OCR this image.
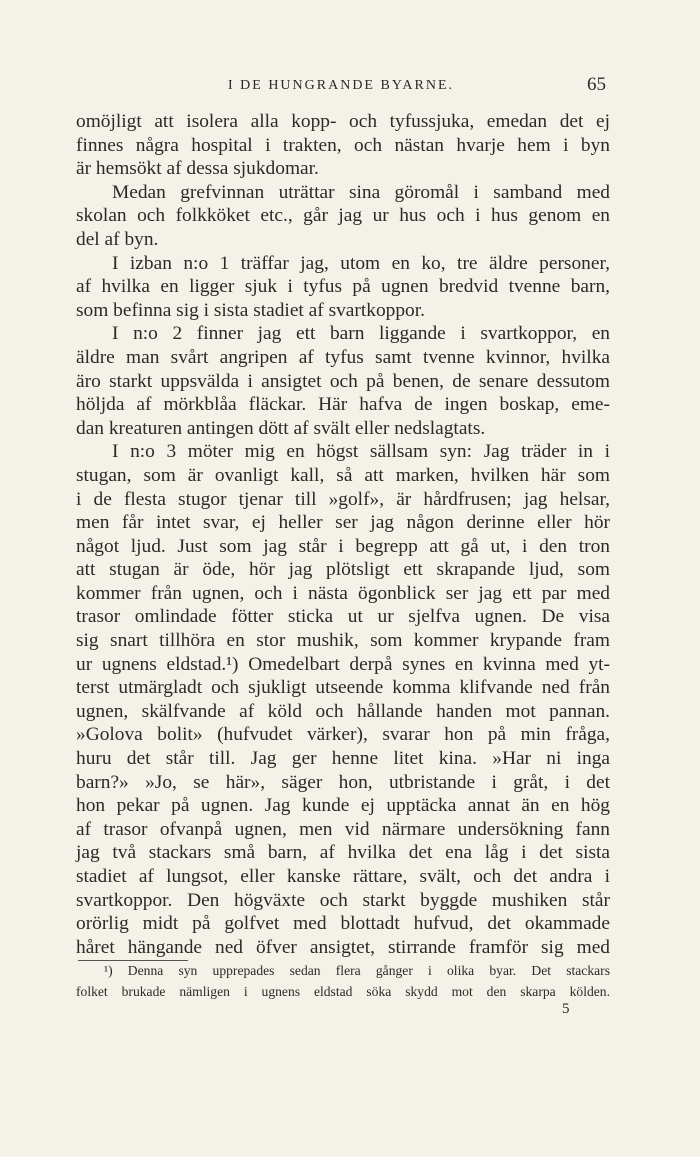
I DE HUNGRANDE BYARNE.	65
omöjligt att isolera alla kopp- och tyfussjuka, emedan det ej
finnes några hospital i trakten, och nästan hvarje hem i byn
är hemsökt af dessa sjukdomar.
Medan grefvinnan uträttar sina göromål i samband med
skolan och folkköket etc., går jag ur hus och i hus genom en
del af byn.
I izban n:o 1 träffar jag, utom en ko, tre äldre personer,
af hvilka en ligger sjuk i tyfus på ugnen bredvid tvenne barn,
som befinna sig i sista stadiet af svartkoppor.
I n:o 2 finner jag ett barn liggande i svartkoppor, en
äldre man svårt angripen af tyfus samt tvenne kvinnor, hvilka
äro starkt uppsvälda i ansigtet och på benen, de senare dessutom
höljda af mörkblåa fläckar. Här hafva de ingen boskap, eme-
dan kreaturen antingen dött af svält eller nedslagtats.
I n:o 3 möter mig en högst sällsam syn: Jag träder in i
stugan, som är ovanligt kall, så att marken, hvilken här som
i de flesta stugor tjenar till »golf», är hårdfrusen; jag helsar,
men får intet svar, ej heller ser jag någon derinne eller hör
något ljud. Just som jag står i begrepp att gå ut, i den tron
att stugan är öde, hör jag plötsligt ett skrapande ljud, som
kommer från ugnen, och i nästa ögonblick ser jag ett par med
trasor omlindade fötter sticka ut ur sjelfva ugnen. De visa
sig snart tillhöra en stor mushik, som kommer krypande fram
ur ugnens eldstad.¹) Omedelbart derpå synes en kvinna med yt-
terst utmärgladt och sjukligt utseende komma klifvande ned från
ugnen, skälfvande af köld och hållande handen mot pannan.
»Golova bolit» (hufvudet värker), svarar hon på min fråga,
huru det står till. Jag ger henne litet kina. »Har ni inga
barn?» »Jo, se här», säger hon, utbristande i gråt, i det
hon pekar på ugnen. Jag kunde ej upptäcka annat än en hög
af trasor ofvanpå ugnen, men vid närmare undersökning fann
jag två stackars små barn, af hvilka det ena låg i det sista
stadiet af lungsot, eller kanske rättare, svält, och det andra i
svartkoppor. Den högväxte och starkt byggde mushiken står
orörlig midt på golfvet med blottadt hufvud, det okammade
håret hängande ned öfver ansigtet, stirrande framför sig med
¹) Denna syn upprepades sedan flera gånger i olika byar. Det stackars
folket brukade nämligen i ugnens eldstad söka skydd mot den skarpa kölden.
5
